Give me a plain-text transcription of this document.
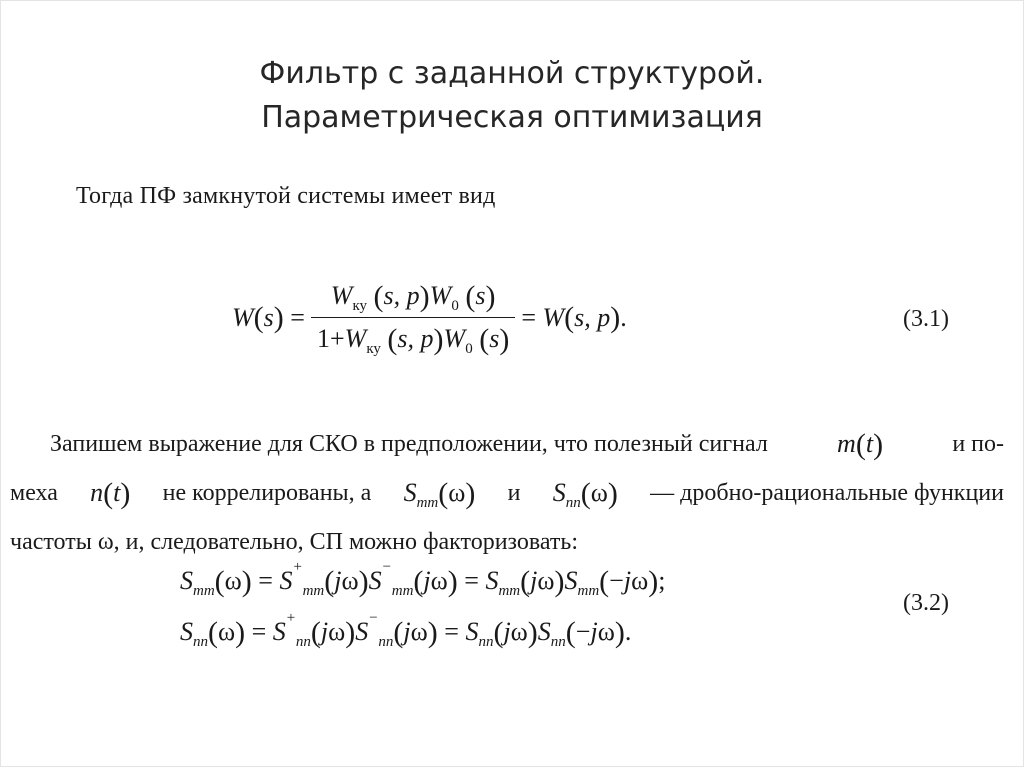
Фильтр с заданной структурой.
Параметрическая оптимизация
Тогда ПФ замкнутой системы имеет вид
W ( s ) = $\frac{W_{ку} (s, p)W_0 (s)}{1+W_{ку} (s, p)W_0 (s)} = W$ ( s, p ) .	(3.1)
Запишем выражение для СКО в предположении, что полезный сигнал	m(t)	и по-
меха n(t) не коррелированы, а $S_{mm}(\omega)$ и $S_{nn}(\omega)$ — дробно-рациональные функции
частоты ω, и, следовательно, СП можно факторизовать:
$S_{mm}(\omega) = S_{^+mm}(j\omega)S_{^-mm}(j\omega) = S_{mm}(j\omega)S_{mm}(-j\omega)$;
$S_{nn}(\omega) = S_{^+nn}(j\omega)S_{^-nn}(j\omega) = S_{nn}(j\omega)S_{nn}(-j\omega)$.
(3.2)
